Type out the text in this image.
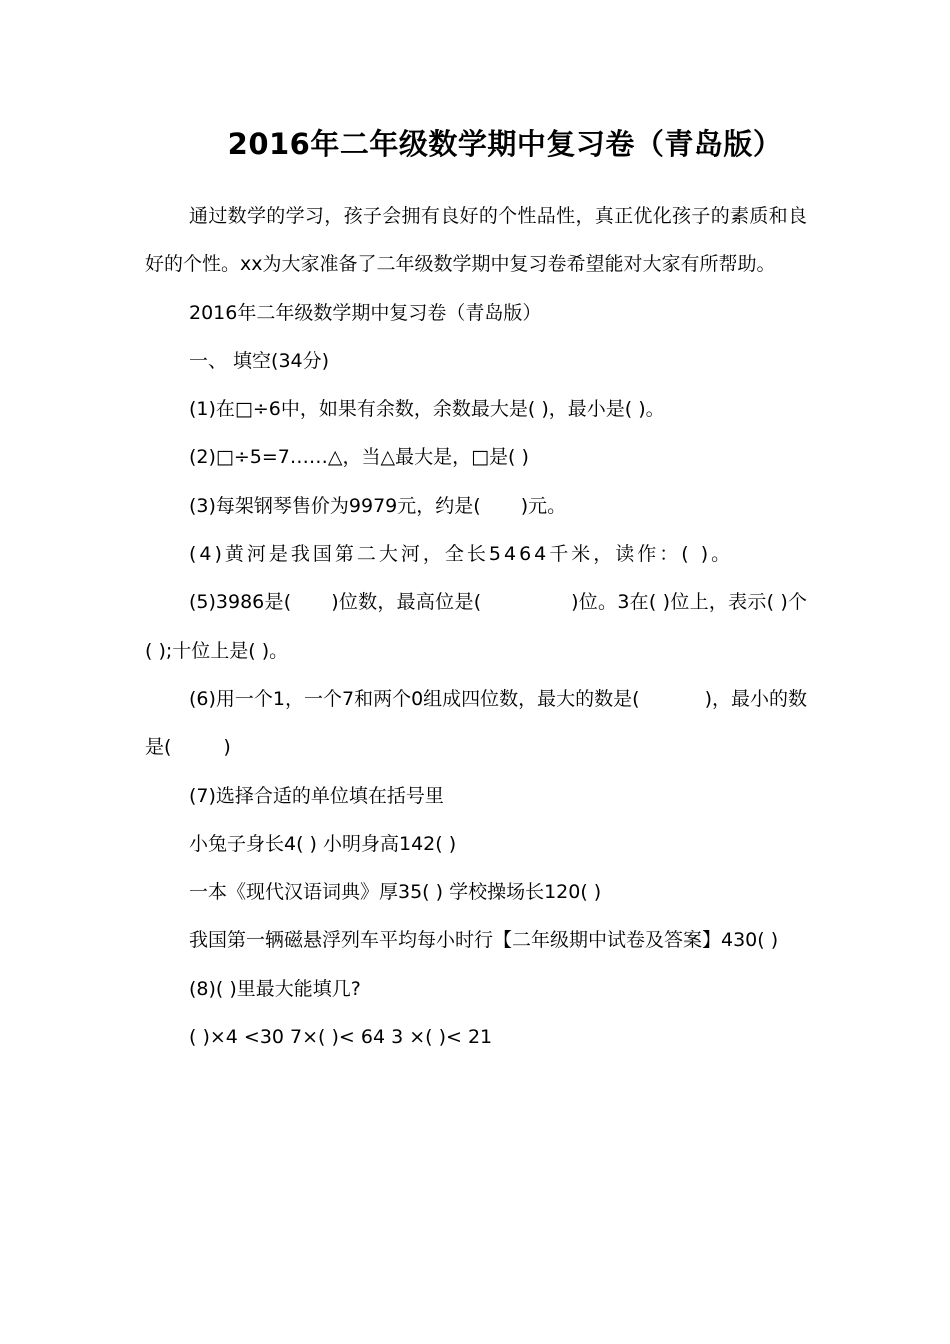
2016年二年级数学期中复习卷（青岛版）

通过数学的学习，孩子会拥有良好的个性品性，真正优化孩子的素质和良好的个性。xx为大家准备了二年级数学期中复习卷希望能对大家有所帮助。

2016年二年级数学期中复习卷（青岛版）

一、 填空(34分)

(1)在□÷6中，如果有余数，余数最大是( )，最小是( )。

(2)□÷5=7……△，当△最大是，□是( )

(3)每架钢琴售价为9979元，约是( )元。

(4)黄河是我国第二大河，全长5464千米，读作：( )。

(5)3986是( )位数，最高位是(	)位。3在( )位上，表示( )个( );十位上是( )。

(6)用一个1，一个7和两个0组成四位数，最大的数是(	)，最小的数是(	)

(7)选择合适的单位填在括号里

小兔子身长4( ) 小明身高142( )

一本《现代汉语词典》厚35( ) 学校操场长120( )

我国第一辆磁悬浮列车平均每小时行【二年级期中试卷及答案】430( )

(8)( )里最大能填几?

( )×4 <30 7×( )< 64 3 ×( )< 21
